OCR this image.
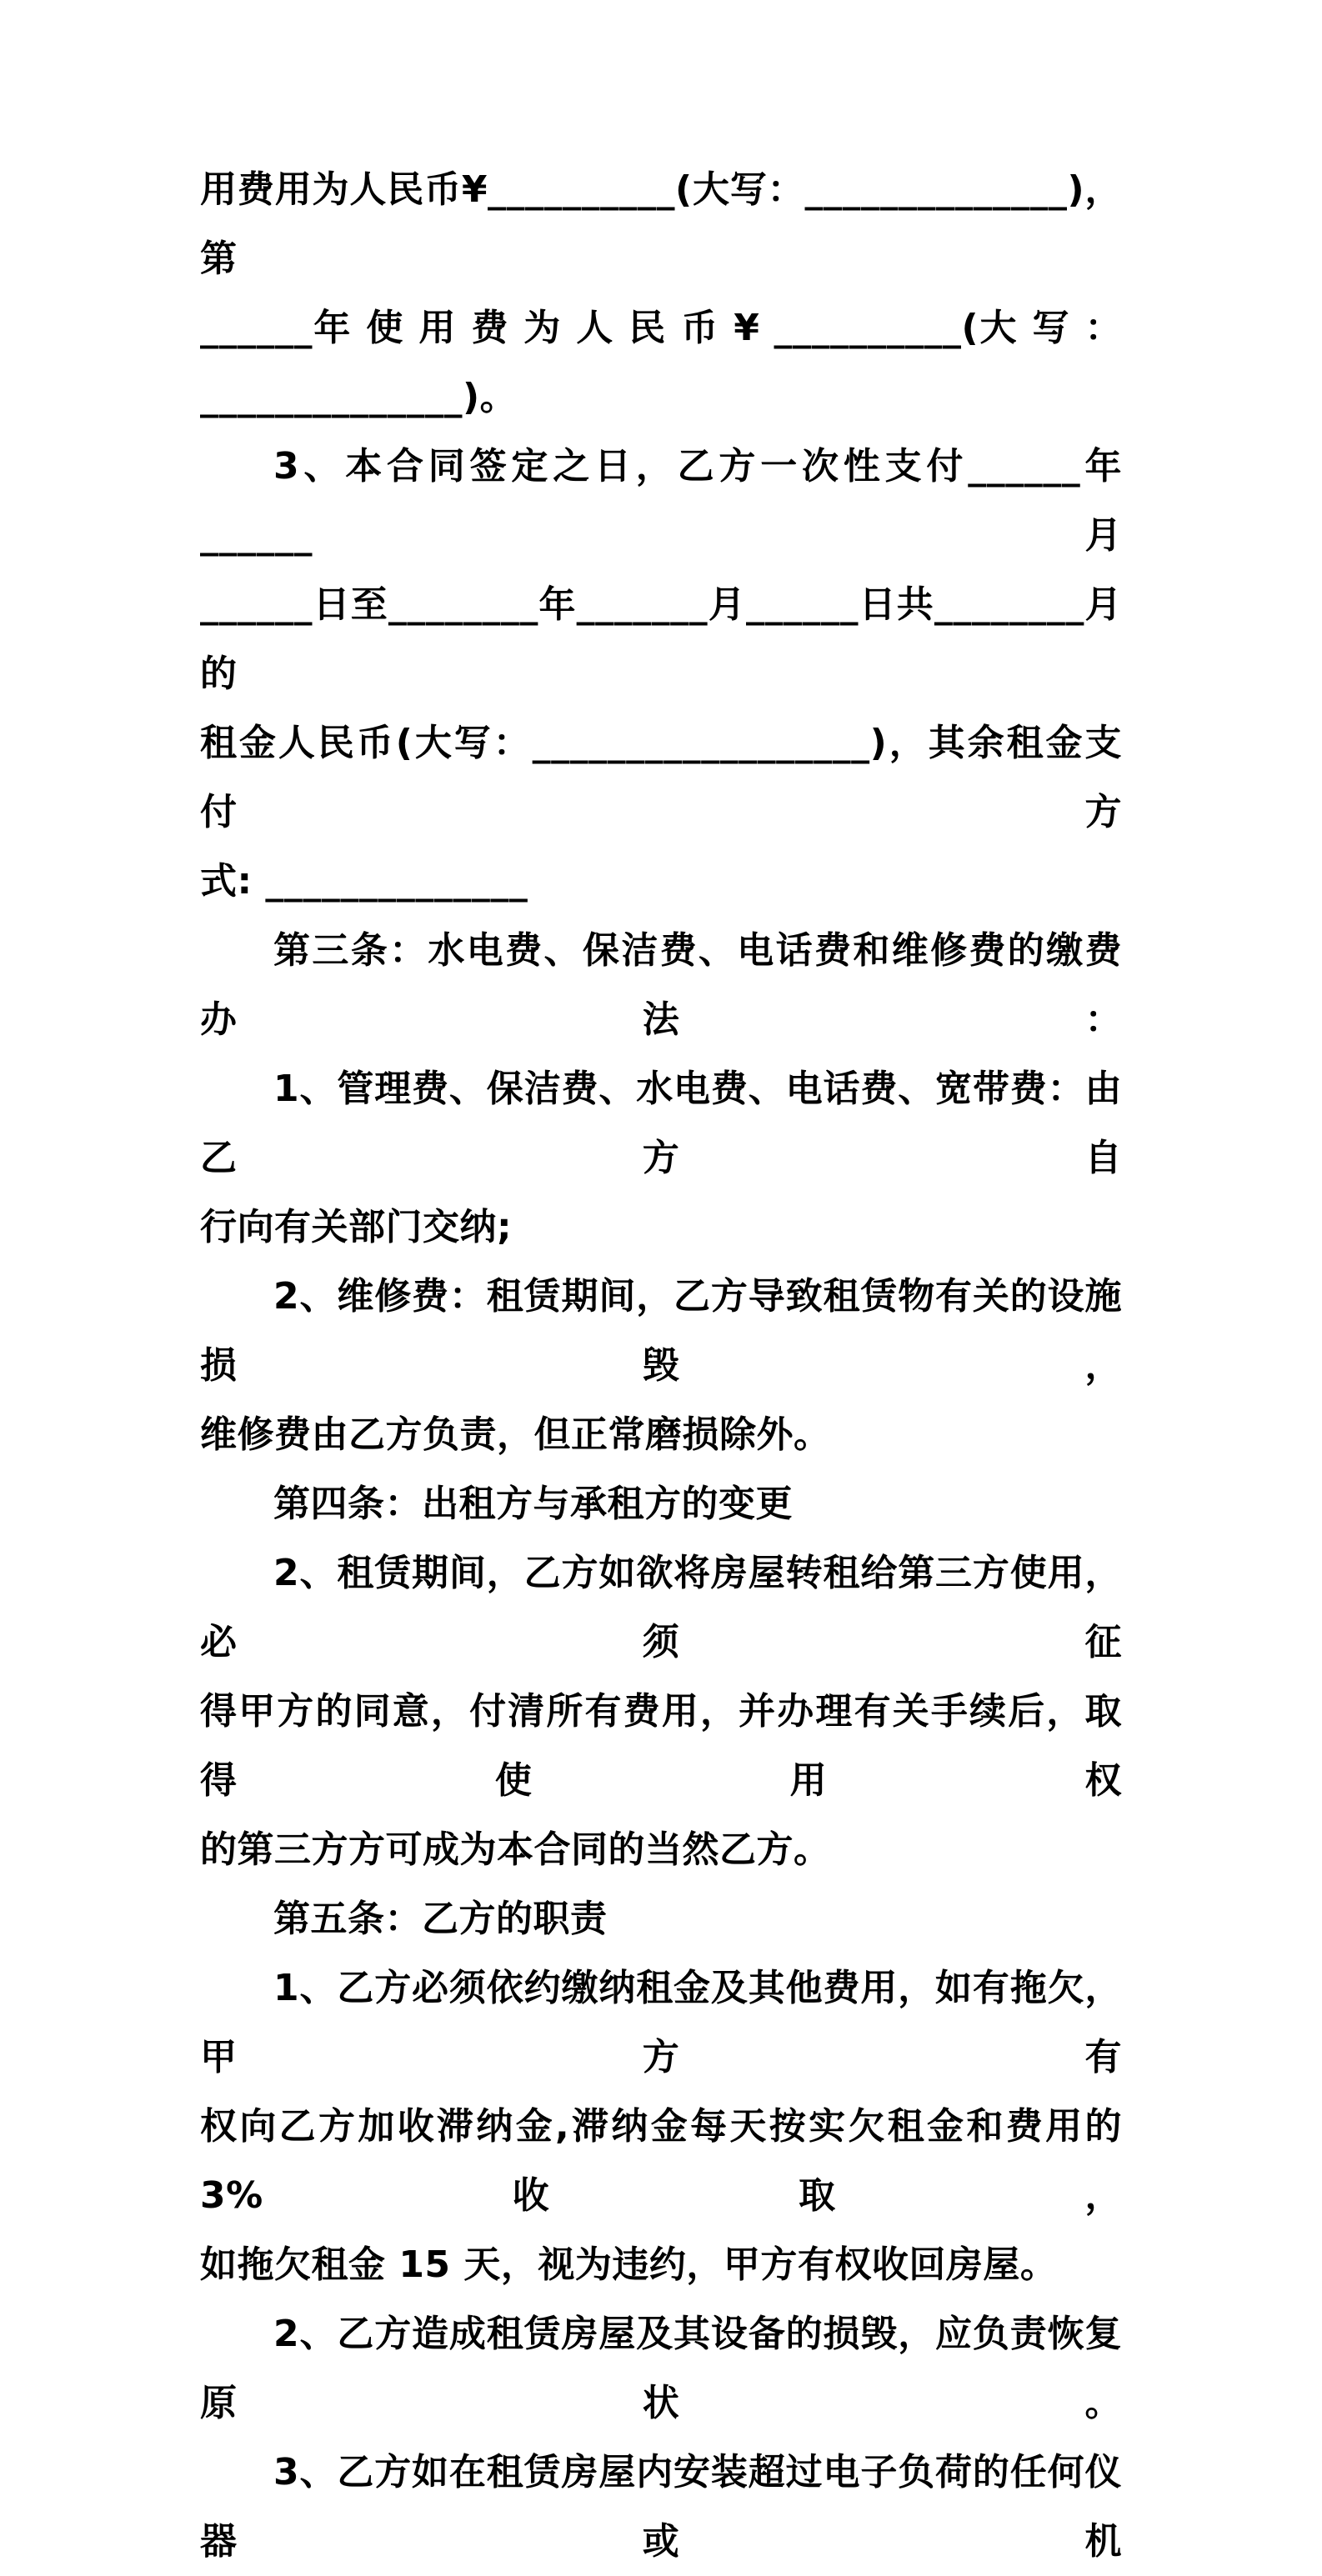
用费用为人民币¥__________(大写：______________)，第
______年 使 用 费 为 人 民 币 ¥ __________(大 写 ：
______________)。
3、本合同签定之日，乙方一次性支付______年______月
______日至________年_______月______日共________月的
租金人民币(大写：__________________)，其余租金支付方
式: ______________
第三条：水电费、保洁费、电话费和维修费的缴费办法：
1、管理费、保洁费、水电费、电话费、宽带费：由乙方自
行向有关部门交纳;
2、维修费：租赁期间，乙方导致租赁物有关的设施损毁，
维修费由乙方负责，但正常磨损除外。
第四条：出租方与承租方的变更
2、租赁期间，乙方如欲将房屋转租给第三方使用，必须征
得甲方的同意，付清所有费用，并办理有关手续后，取得使用权
的第三方方可成为本合同的当然乙方。
第五条：乙方的职责
1、乙方必须依约缴纳租金及其他费用，如有拖欠，甲方有
权向乙方加收滞纳金,滞纳金每天按实欠租金和费用的 3%收取，
如拖欠租金 15 天，视为违约，甲方有权收回房屋。
2、乙方造成租赁房屋及其设备的损毁，应负责恢复原状。
3、乙方如在租赁房屋内安装超过电子负荷的任何仪器或机
